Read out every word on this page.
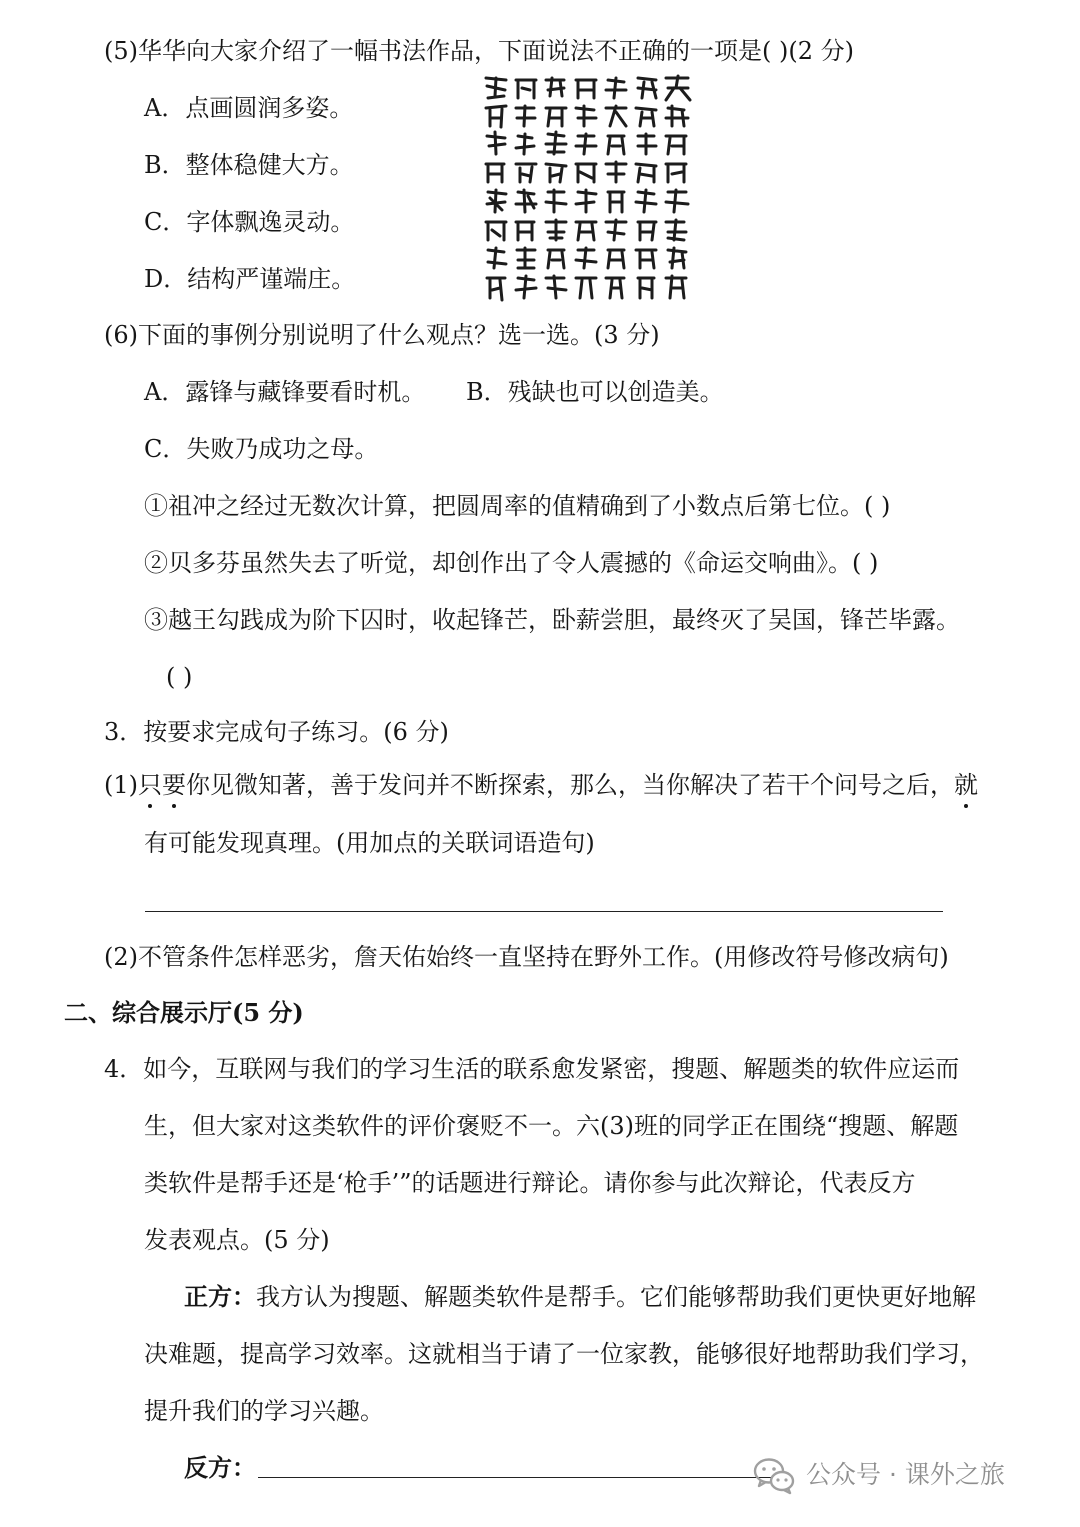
(5)华华向大家介绍了一幅书法作品，下面说法不正确的一项是( )(2 分)
A．点画圆润多姿。
B．整体稳健大方。
C．字体飘逸灵动。
D．结构严谨端庄。
(6)下面的事例分别说明了什么观点？选一选。(3 分)
A．露锋与藏锋要看时机。 B．残缺也可以创造美。
C．失败乃成功之母。
①祖冲之经过无数次计算，把圆周率的值精确到了小数点后第七位。( )
②贝多芬虽然失去了听觉，却创作出了令人震撼的《命运交响曲》。( )
③越王勾践成为阶下囚时，收起锋芒，卧薪尝胆，最终灭了吴国，锋芒毕露。
( )
3．按要求完成句子练习。(6 分)
(1)只要你见微知著，善于发问并不断探索，那么，当你解决了若干个问号之后，就
有可能发现真理。(用加点的关联词语造句)
(2)不管条件怎样恶劣，詹天佑始终一直坚持在野外工作。(用修改符号修改病句)
二、综合展示厅(5 分)
4．如今，互联网与我们的学习生活的联系愈发紧密，搜题、解题类的软件应运而
生，但大家对这类软件的评价褒贬不一。六(3)班的同学正在围绕“搜题、解题
类软件是帮手还是‘枪手’”的话题进行辩论。请你参与此次辩论，代表反方
发表观点。(5 分)
正方：我方认为搜题、解题类软件是帮手。它们能够帮助我们更快更好地解
决难题，提高学习效率。这就相当于请了一位家教，能够很好地帮助我们学习，
提升我们的学习兴趣。
反方：	公众号 · 课外之旅
